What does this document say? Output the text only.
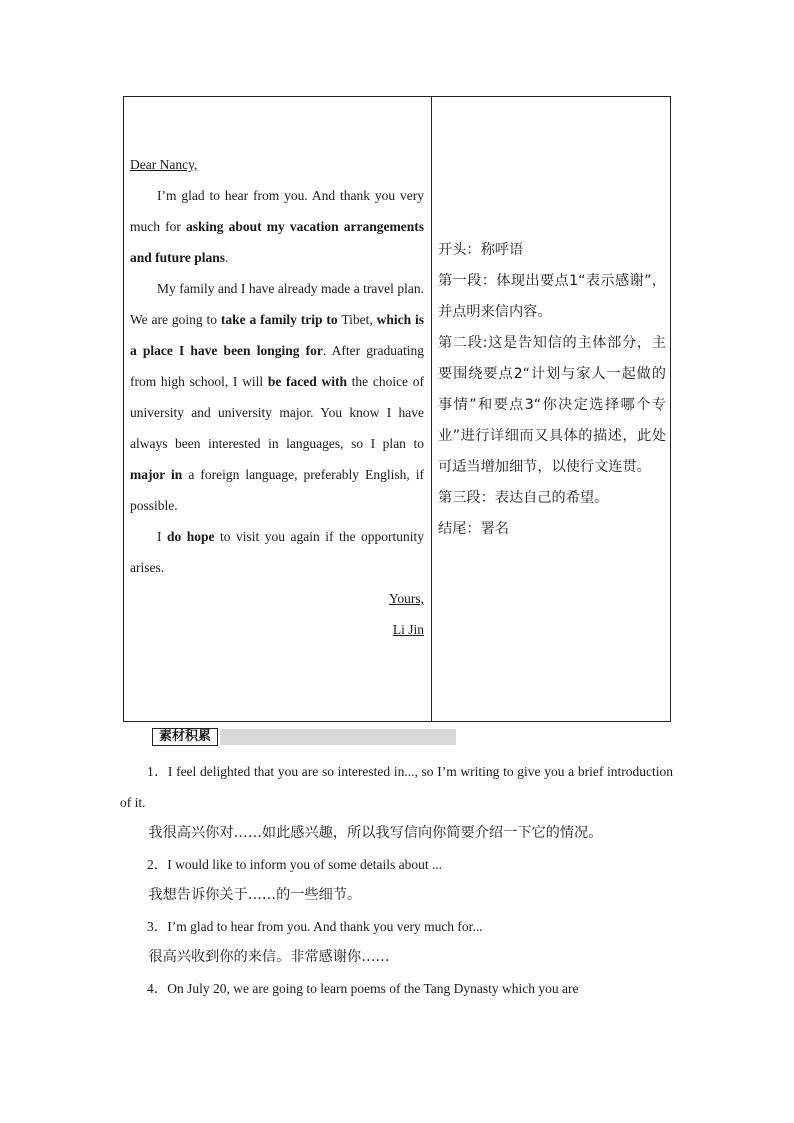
Dear Nancy,

I’m glad to hear from you. And thank you very much for asking about my vacation arrangements and future plans.

My family and I have already made a travel plan. We are going to take a family trip to Tibet, which is a place I have been longing for. After graduating from high school, I will be faced with the choice of university and university major. You know I have always been interested in languages, so I plan to major in a foreign language, preferably English, if possible.

I do hope to visit you again if the opportunity arises.

Yours,

Li Jin

开头：称呼语

第一段：体现出要点1“表示感谢”，并点明来信内容。

第二段:这是告知信的主体部分，主要围绕要点2“计划与家人一起做的事情”和要点3“你决定选择哪个专业”进行详细而又具体的描述，此处可适当增加细节，以使行文连贯。

第三段：表达自己的希望。

结尾：署名

素材积累

1．I feel delighted that you are so interested in..., so I’m writing to give you a brief introduction of it.

我很高兴你对……如此感兴趣，所以我写信向你简要介绍一下它的情况。

2．I would like to inform you of some details about ...

我想告诉你关于……的一些细节。

3．I’m glad to hear from you. And thank you very much for...

很高兴收到你的来信。非常感谢你……

4．On July 20, we are going to learn poems of the Tang Dynasty which you are
